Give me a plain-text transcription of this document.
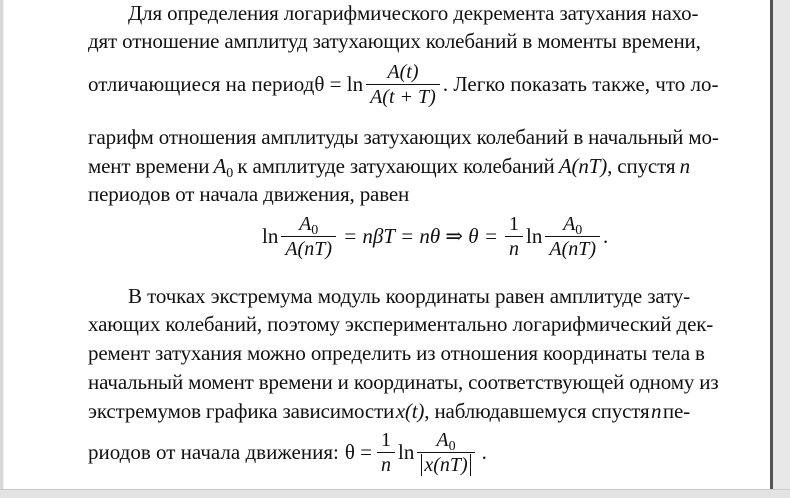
Для определения логарифмического декремента затухания нахо-
дят отношение амплитуд затухающих колебаний в моменты времени,
отличающиеся на период $\theta = \ln \frac{A(t)}{A(t + T)}$ . Легко показать также, что ло-
гарифм отношения амплитуды затухающих колебаний в начальный мо-
мент времени $A_0$ к амплитуде затухающих колебаний A(nT), спустя n
периодов от начала движения, равен
$\ln \frac{A_0}{A(nT)} = n\beta T = n\theta$ ⇒ $\theta = \frac{1}{n}$ $\ln \frac{A_0}{A(nT)}$ .
В точках экстремума модуль координаты равен амплитуде зату-
хающих колебаний, поэтому экспериментально логарифмический дек-
ремент затухания можно определить из отношения координаты тела в
начальный момент времени и координаты, соответствующей одному из
экстремумов графика зависимости x(t), наблюдавшемуся спустя n пе-
риодов от начала движения: $\theta = \frac{1}{n}$ $\ln \frac{A_0}{x(nT)}$ .
